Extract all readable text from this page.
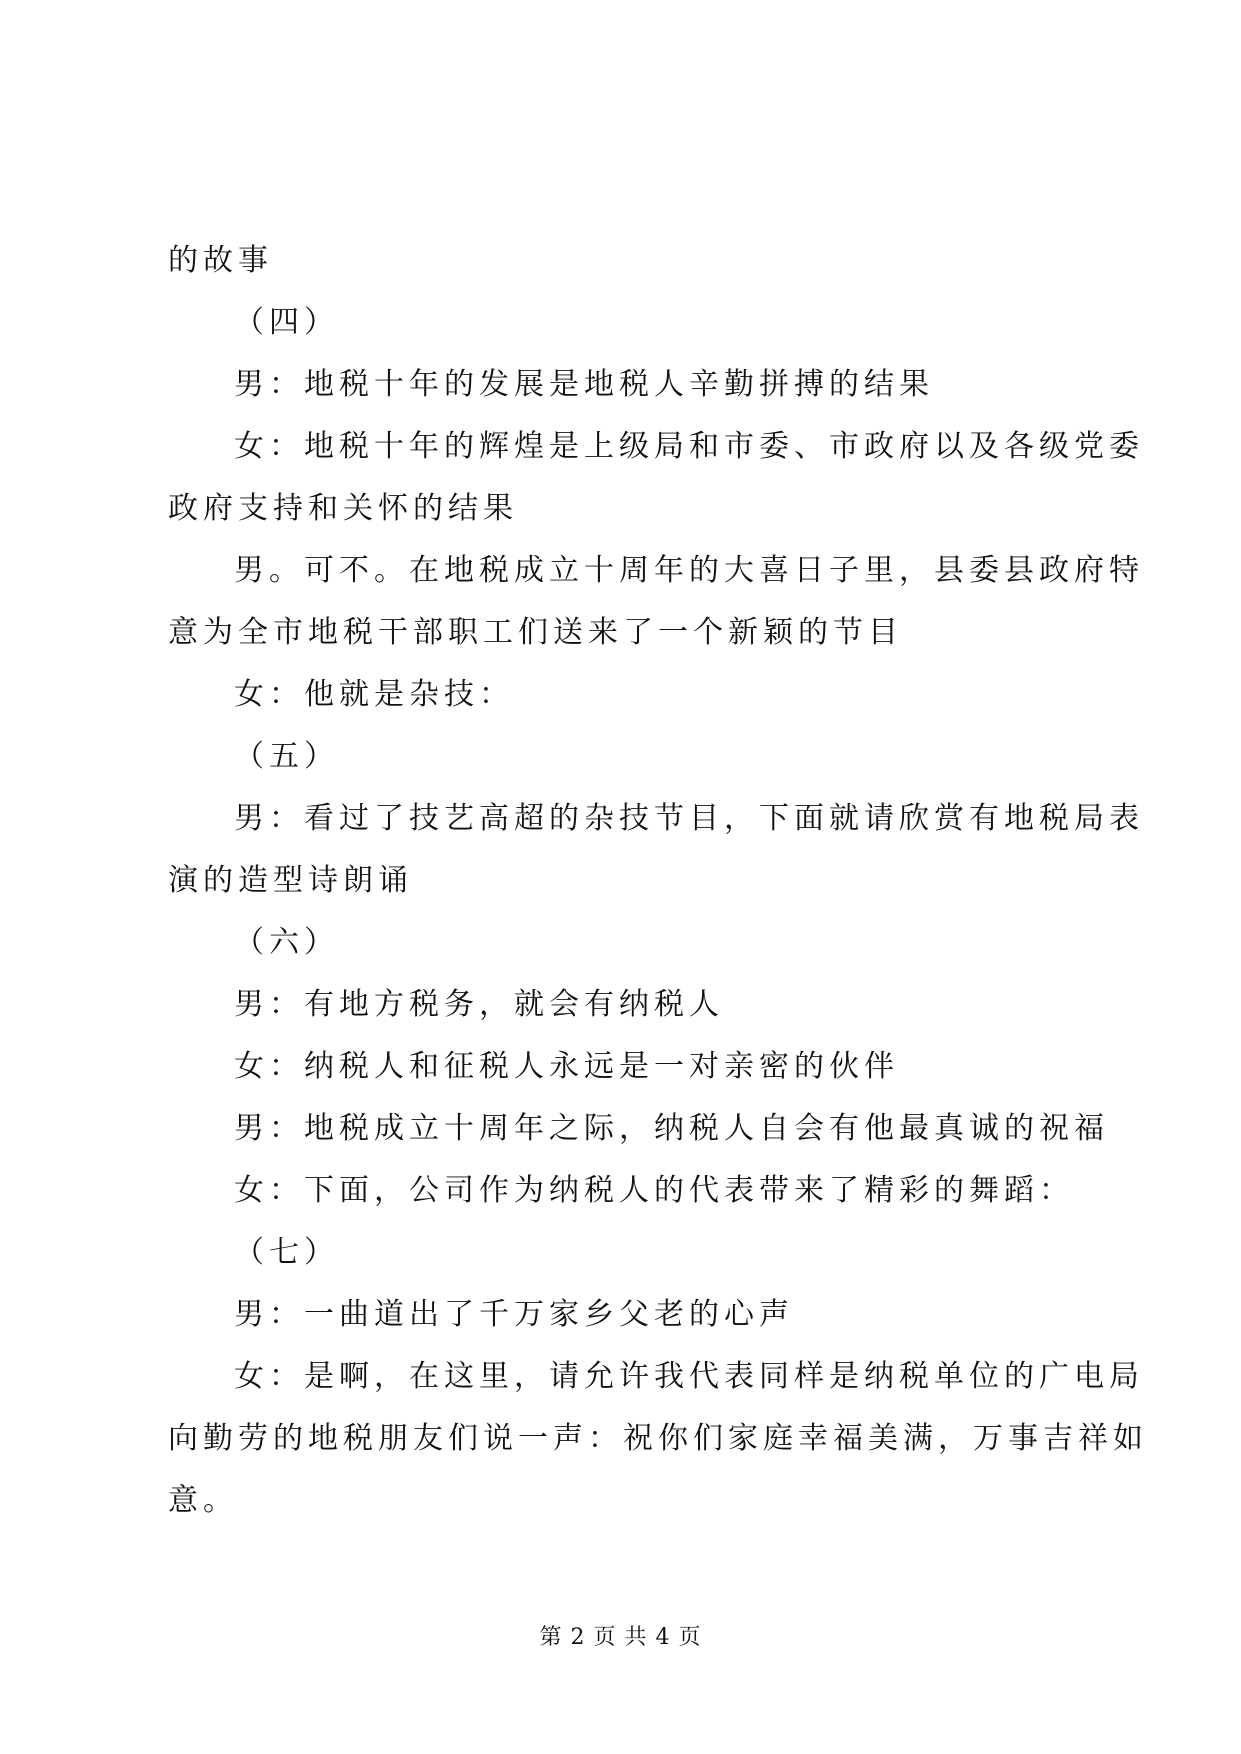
的故事
（四）
男：地税十年的发展是地税人辛勤拼搏的结果
女：地税十年的辉煌是上级局和市委、市政府以及各级党委
政府支持和关怀的结果
男。可不。在地税成立十周年的大喜日子里，县委县政府特
意为全市地税干部职工们送来了一个新颖的节目
女：他就是杂技：
（五）
男：看过了技艺高超的杂技节目，下面就请欣赏有地税局表
演的造型诗朗诵
（六）
男：有地方税务，就会有纳税人
女：纳税人和征税人永远是一对亲密的伙伴
男：地税成立十周年之际，纳税人自会有他最真诚的祝福
女：下面，公司作为纳税人的代表带来了精彩的舞蹈：
（七）
男：一曲道出了千万家乡父老的心声
女：是啊，在这里，请允许我代表同样是纳税单位的广电局
向勤劳的地税朋友们说一声：祝你们家庭幸福美满，万事吉祥如
意。
第 2 页 共 4 页
